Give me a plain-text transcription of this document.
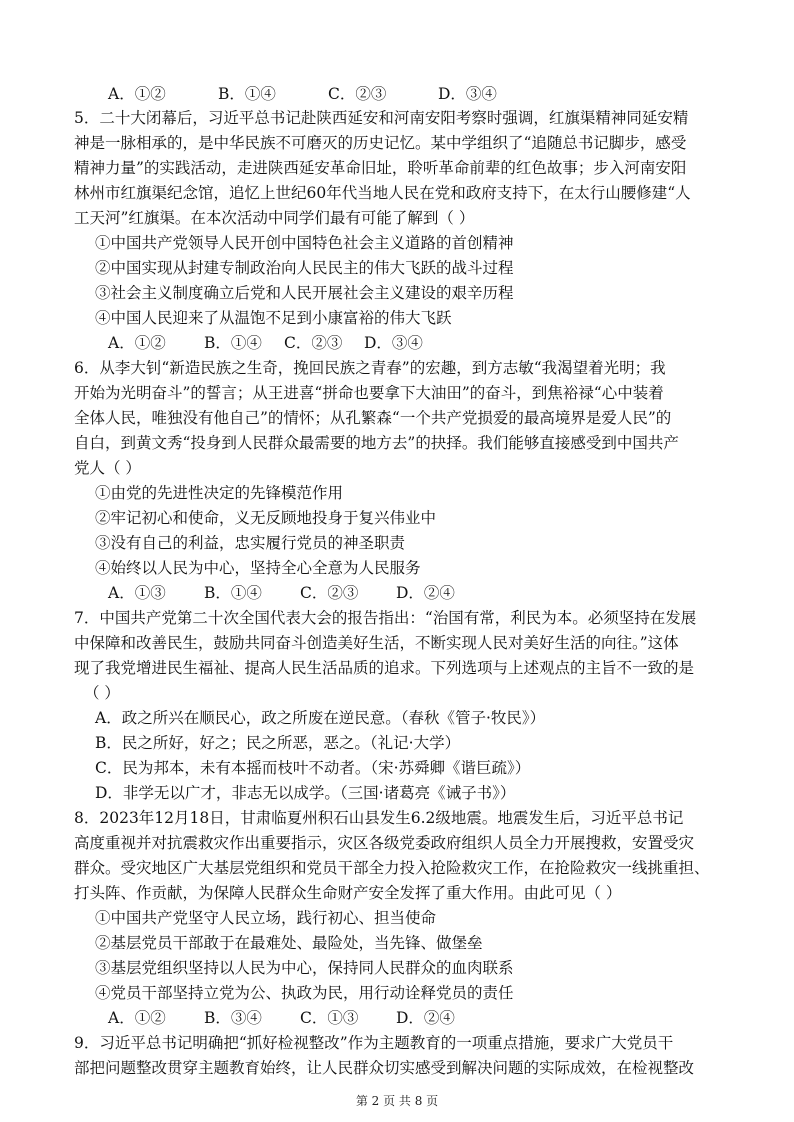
A．①②	B．①④	C．②③	D．③④
5．二十大闭幕后，习近平总书记赴陕西延安和河南安阳考察时强调，红旗渠精神同延安精
神是一脉相承的，是中华民族不可磨灭的历史记忆。某中学组织了“追随总书记脚步，感受
精神力量”的实践活动，走进陕西延安革命旧址，聆听革命前辈的红色故事；步入河南安阳
林州市红旗渠纪念馆，追忆上世纪60年代当地人民在党和政府支持下，在太行山腰修建“人
工天河”红旗渠。在本次活动中同学们最有可能了解到（ ）
①中国共产党领导人民开创中国特色社会主义道路的首创精神
②中国实现从封建专制政治向人民民主的伟大飞跃的战斗过程
③社会主义制度确立后党和人民开展社会主义建设的艰辛历程
④中国人民迎来了从温饱不足到小康富裕的伟大飞跃
A．①② B．①④ C．②③ D．③④
6．从李大钊“新造民族之生奇，挽回民族之青春”的宏趣，到方志敏“我渴望着光明；我
开始为光明奋斗”的誓言；从王进喜“拼命也要拿下大油田”的奋斗，到焦裕禄“心中装着
全体人民，唯独没有他自己”的情怀；从孔繁森“一个共产党损爱的最高境界是爱人民”的
自白，到黄文秀“投身到人民群众最需要的地方去”的抉择。我们能够直接感受到中国共产
党人（ ）
①由党的先进性决定的先锋模范作用
②牢记初心和使命，义无反顾地投身于复兴伟业中
③没有自己的利益，忠实履行党员的神圣职责
④始终以人民为中心，坚持全心全意为人民服务
A．①③ B．①④ C．②③ D．②④
7．中国共产党第二十次全国代表大会的报告指出：“治国有常，利民为本。必须坚持在发展
中保障和改善民生，鼓励共同奋斗创造美好生活，不断实现人民对美好生活的向往。”这体
现了我党增进民生福祉、提高人民生活品质的追求。下列选项与上述观点的主旨不一致的是
（ ）
A．政之所兴在顺民心，政之所废在逆民意。（春秋《管子·牧民》）
B．民之所好，好之；民之所恶，恶之。（礼记·大学）
C．民为邦本，未有本摇而枝叶不动者。（宋·苏舜卿《谐巨疏》）
D．非学无以广才，非志无以成学。（三国·诸葛亮《诫子书》）
8．2023年12月18日，甘肃临夏州积石山县发生6.2级地震。地震发生后，习近平总书记
高度重视并对抗震救灾作出重要指示，灾区各级党委政府组织人员全力开展搜救，安置受灾
群众。受灾地区广大基层党组织和党员干部全力投入抢险救灾工作，在抢险救灾一线挑重担、
打头阵、作贡献，为保障人民群众生命财产安全发挥了重大作用。由此可见（ ）
①中国共产党坚守人民立场，践行初心、担当使命
②基层党员干部敢于在最难处、最险处，当先锋、做堡垒
③基层党组织坚持以人民为中心，保持同人民群众的血肉联系
④党员干部坚持立党为公、执政为民，用行动诠释党员的责任
A．①② B．③④ C．①③ D．②④
9．习近平总书记明确把“抓好检视整改”作为主题教育的一项重点措施，要求广大党员干
部把问题整改贯穿主题教育始终，让人民群众切实感受到解决问题的实际成效，在检视整改
第 2 页 共 8 页
